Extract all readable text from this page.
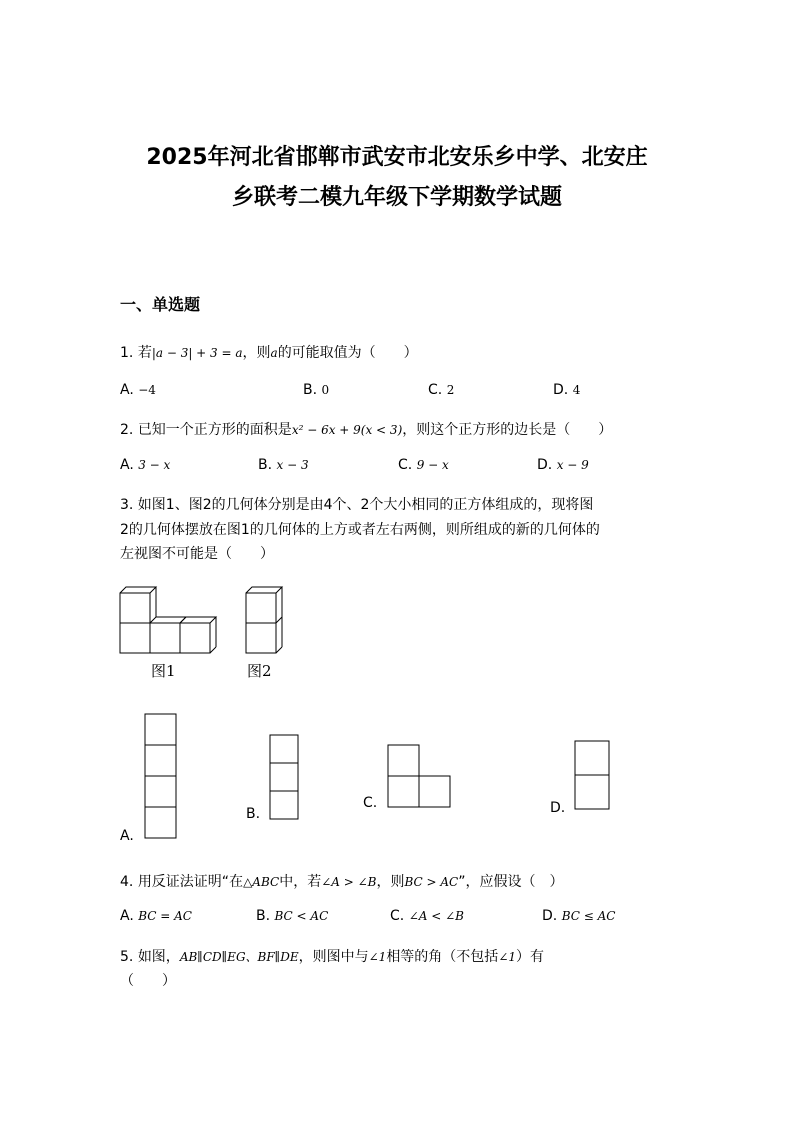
2025年河北省邯郸市武安市北安乐乡中学、北安庄
乡联考二模九年级下学期数学试题
一、单选题
1. 若|a − 3| + 3 = a，则a的可能取值为（　　）
A. −4	B. 0	C. 2	D. 4
2. 已知一个正方形的面积是x² − 6x + 9(x < 3)，则这个正方形的边长是（　　）
A. 3 − x	B. x − 3	C. 9 − x	D. x − 9
3. 如图1、图2的几何体分别是由4个、2个大小相同的正方体组成的，现将图
2的几何体摆放在图1的几何体的上方或者左右两侧，则所组成的新的几何体的
左视图不可能是（　　）
图1	图2
A.
B.
C.	D.
4. 用反证法证明“在△ABC中，若∠A > ∠B，则BC > AC”，应假设（　）
A. BC = AC	B. BC < AC	C. ∠A < ∠B	D. BC ≤ AC
5. 如图，AB∥CD∥EG、BF∥DE，则图中与∠1相等的角（不包括∠1）有
（　　）
